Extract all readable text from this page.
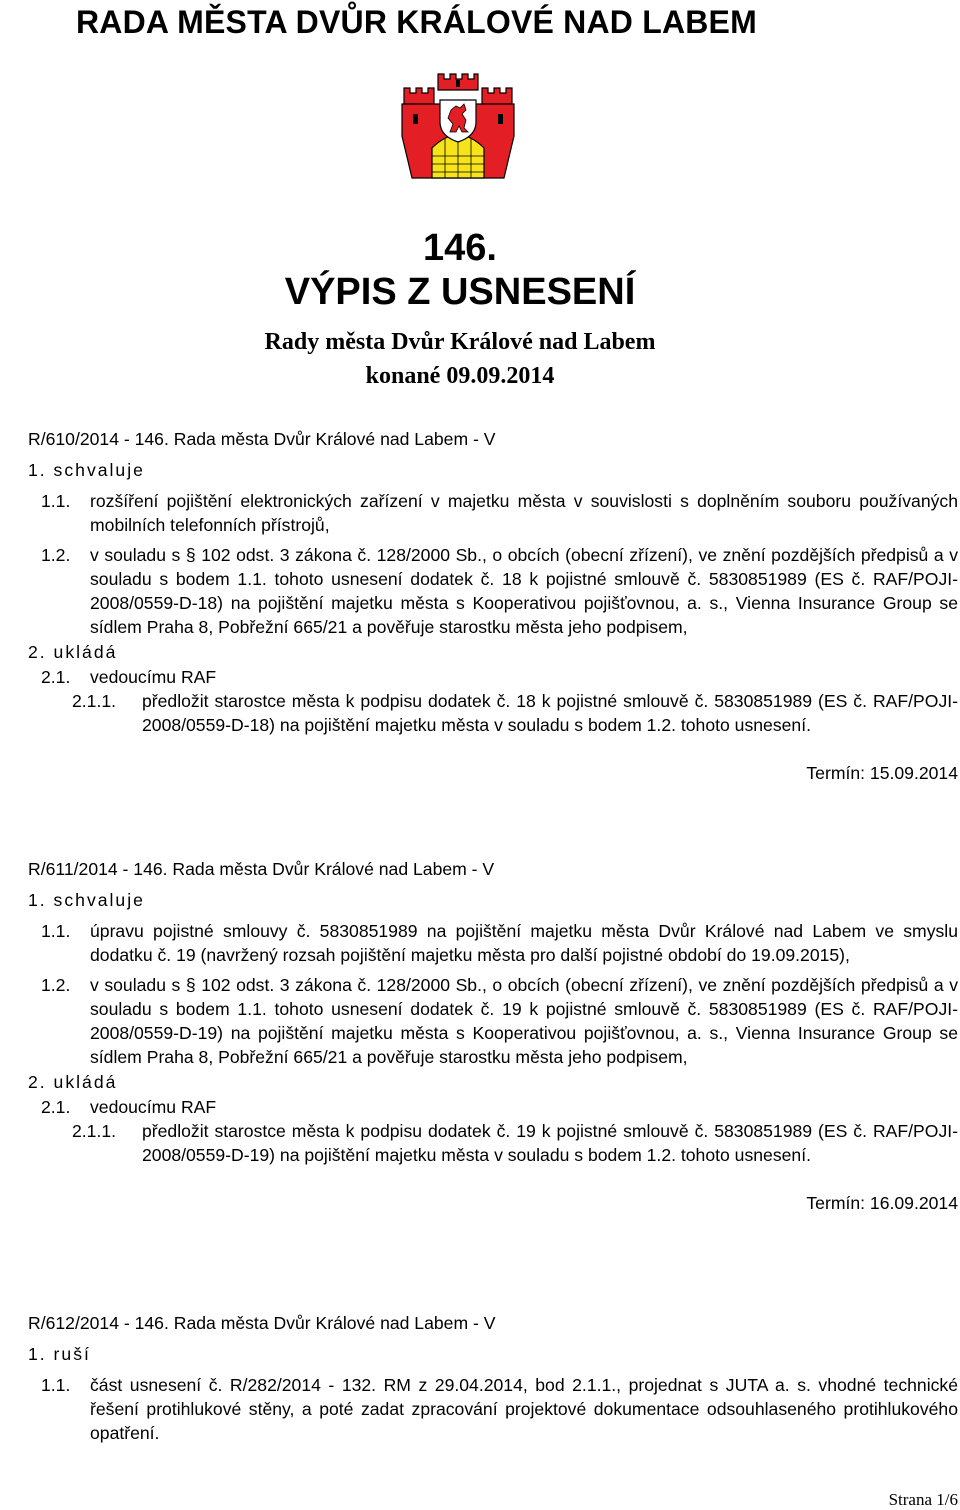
RADA MĚSTA DVŮR KRÁLOVÉ NAD LABEM
146.
VÝPIS Z USNESENÍ
Rady města Dvůr Králové nad Labem
konané 09.09.2014
R/610/2014 - 146. Rada města Dvůr Králové nad Labem - V
1. schvaluje
1.1. rozšíření pojištění elektronických zařízení v majetku města v souvislosti s doplněním souboru používaných mobilních telefonních přístrojů,
1.2. v souladu s § 102 odst. 3 zákona č. 128/2000 Sb., o obcích (obecní zřízení), ve znění pozdějších předpisů a v souladu s bodem 1.1. tohoto usnesení dodatek č. 18 k pojistné smlouvě č. 5830851989 (ES č. RAF/POJI-2008/0559-D-18) na pojištění majetku města s Kooperativou pojišťovnou, a. s., Vienna Insurance Group se sídlem Praha 8, Pobřežní 665/21 a pověřuje starostku města jeho podpisem,
2. ukládá
2.1. vedoucímu RAF
2.1.1. předložit starostce města k podpisu dodatek č. 18 k pojistné smlouvě č. 5830851989 (ES č. RAF/POJI-2008/0559-D-18) na pojištění majetku města v souladu s bodem 1.2. tohoto usnesení.
Termín: 15.09.2014
R/611/2014 - 146. Rada města Dvůr Králové nad Labem - V
1. schvaluje
1.1. úpravu pojistné smlouvy č. 5830851989 na pojištění majetku města Dvůr Králové nad Labem ve smyslu dodatku č. 19 (navržený rozsah pojištění majetku města pro další pojistné období do 19.09.2015),
1.2. v souladu s § 102 odst. 3 zákona č. 128/2000 Sb., o obcích (obecní zřízení), ve znění pozdějších předpisů a v souladu s bodem 1.1. tohoto usnesení dodatek č. 19 k pojistné smlouvě č. 5830851989 (ES č. RAF/POJI-2008/0559-D-19) na pojištění majetku města s Kooperativou pojišťovnou, a. s., Vienna Insurance Group se sídlem Praha 8, Pobřežní 665/21 a pověřuje starostku města jeho podpisem,
2. ukládá
2.1. vedoucímu RAF
2.1.1. předložit starostce města k podpisu dodatek č. 19 k pojistné smlouvě č. 5830851989 (ES č. RAF/POJI-2008/0559-D-19) na pojištění majetku města v souladu s bodem 1.2. tohoto usnesení.
Termín: 16.09.2014
R/612/2014 - 146. Rada města Dvůr Králové nad Labem - V
1. ruší
1.1. část usnesení č. R/282/2014 - 132. RM z 29.04.2014, bod 2.1.1., projednat s JUTA a. s. vhodné technické řešení protihlukové stěny, a poté zadat zpracování projektové dokumentace odsouhlaseného protihlukového opatření.
Strana 1/6
